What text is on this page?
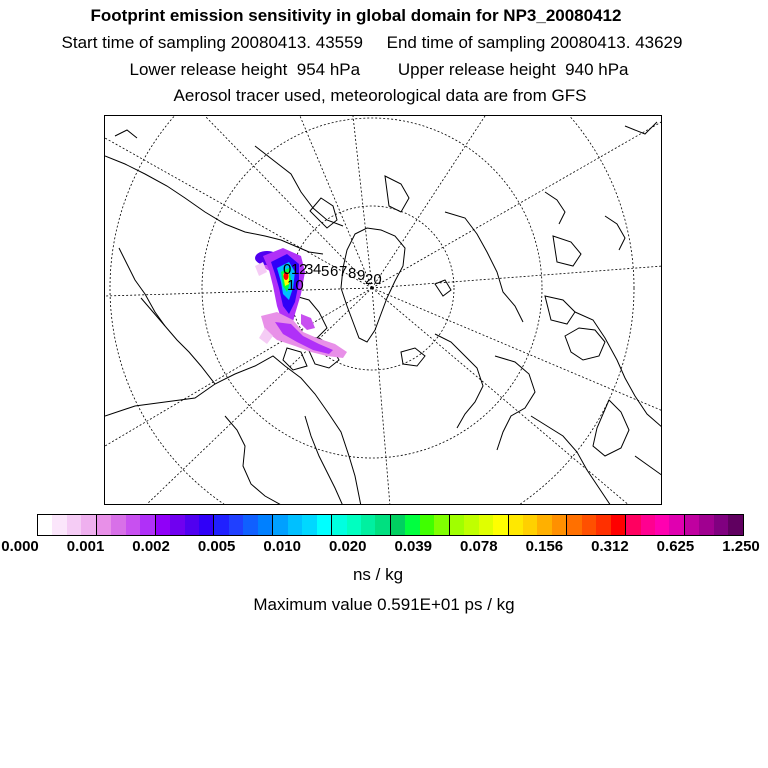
Footprint emission sensitivity in global domain for NP3_20080412
Start time of sampling 20080413. 43559 End time of sampling 20080413. 43629
Lower release height  954 hPa Upper release height  940 hPa
Aerosol tracer used, meteorological data are from GFS
0 1 2
3 4 5 6 7 8 9
10	20
0.000 0.001 0.002 0.005 0.010 0.020 0.039 0.078 0.156 0.312 0.625 1.250
ns / kg
Maximum value 0.591E+01 ps / kg
